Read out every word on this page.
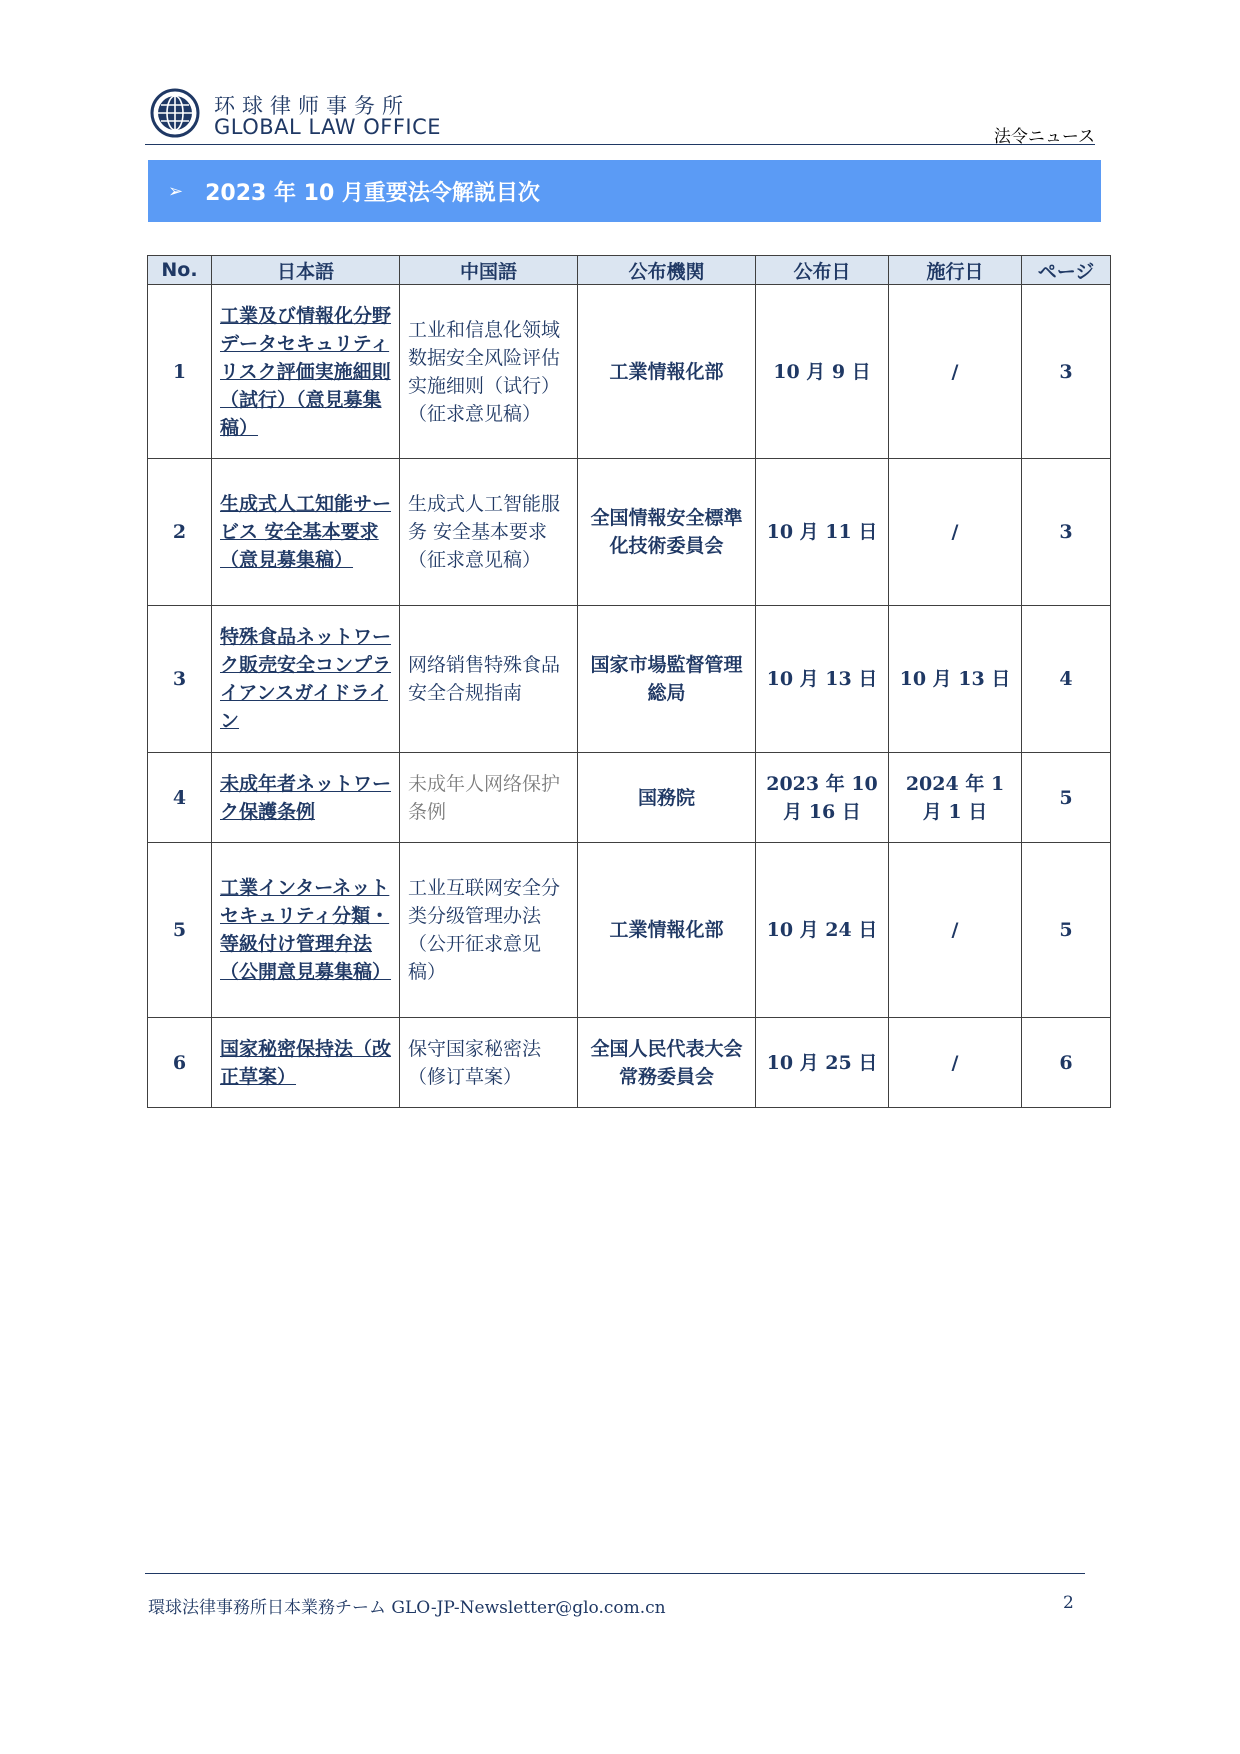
环球律师事务所
GLOBAL LAW OFFICE	法令ニュース
➢ 2023 年 10 月重要法令解説目次
No.	日本語	中国語	公布機関	公布日	施行日	ページ
1	工業及び情報化分野データセキュリティリスク評価実施細則（試行）（意見募集稿）	工业和信息化领域数据安全风险评估实施细则（试行）（征求意见稿）	工業情報化部	10 月 9 日	/	3
2	生成式人工知能サービス 安全基本要求（意見募集稿）	生成式人工智能服务 安全基本要求（征求意见稿）	全国情報安全標準化技術委員会	10 月 11 日	/	3
3	特殊食品ネットワーク販売安全コンプライアンスガイドライン	网络销售特殊食品安全合规指南	国家市場監督管理総局	10 月 13 日	10 月 13 日	4
4	未成年者ネットワーク保護条例	未成年人网络保护条例	国務院	2023 年 10 月 16 日	2024 年 1 月 1 日	5
5	工業インターネットセキュリティ分類・等級付け管理弁法（公開意見募集稿）	工业互联网安全分类分级管理办法（公开征求意见稿）	工業情報化部	10 月 24 日	/	5
6	国家秘密保持法（改正草案）	保守国家秘密法（修订草案）	全国人民代表大会常務委員会	10 月 25 日	/	6
環球法律事務所日本業務チーム GLO-JP-Newsletter@glo.com.cn	2
